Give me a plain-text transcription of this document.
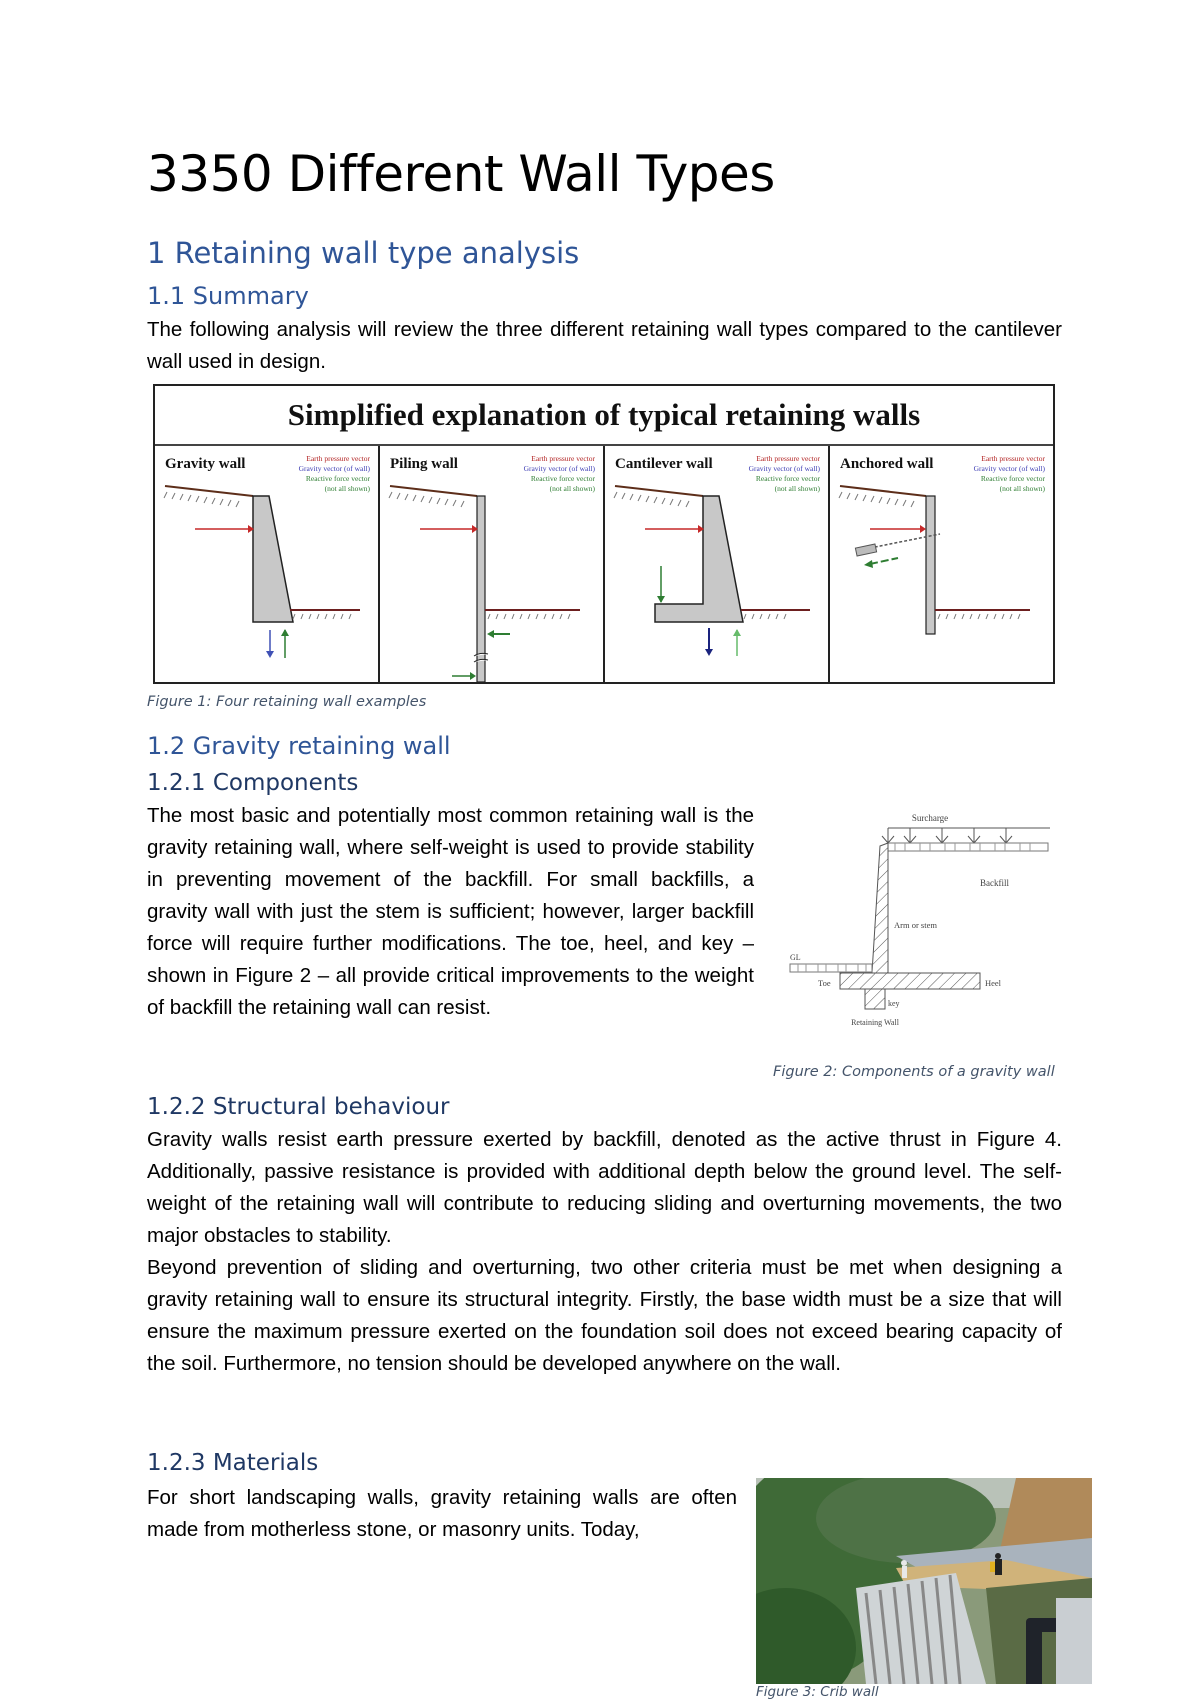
3350 Different Wall Types
1 Retaining wall type analysis
1.1 Summary
The following analysis will review the three different retaining wall types compared to the cantilever wall used in design.
Simplified explanation of typical retaining walls
Gravity wall	Earth pressure vector
Gravity vector (of wall)
Reactive force vector
(not all shown)
Piling wall	Earth pressure vector
Gravity vector (of wall)
Reactive force vector
(not all shown)
Cantilever wall	Earth pressure vector
Gravity vector (of wall)
Reactive force vector
(not all shown)
Anchored wall	Earth pressure vector
Gravity vector (of wall)
Reactive force vector
(not all shown)
Figure 1: Four retaining wall examples
1.2 Gravity retaining wall
1.2.1 Components
The most basic and potentially most common retaining wall is the gravity retaining wall, where self-weight is used to provide stability in preventing movement of the backfill. For small backfills, a gravity wall with just the stem is sufficient; however, larger backfill force will require further modifications. The toe, heel, and key – shown in Figure 2 – all provide critical improvements to the weight of backfill the retaining wall can resist.
Surcharge
Backfill
Arm or stem
GL
Toe	Heel
key
Retaining Wall
Figure 2: Components of a gravity wall
1.2.2 Structural behaviour
Gravity walls resist earth pressure exerted by backfill, denoted as the active thrust in Figure 4. Additionally, passive resistance is provided with additional depth below the ground level. The self-weight of the retaining wall will contribute to reducing sliding and overturning movements, the two major obstacles to stability.
Beyond prevention of sliding and overturning, two other criteria must be met when designing a gravity retaining wall to ensure its structural integrity. Firstly, the base width must be a size that will ensure the maximum pressure exerted on the foundation soil does not exceed bearing capacity of the soil. Furthermore, no tension should be developed anywhere on the wall.
1.2.3 Materials
For short landscaping walls, gravity retaining walls are often made from motherless stone, or masonry units. Today,
Figure 3: Crib wall
